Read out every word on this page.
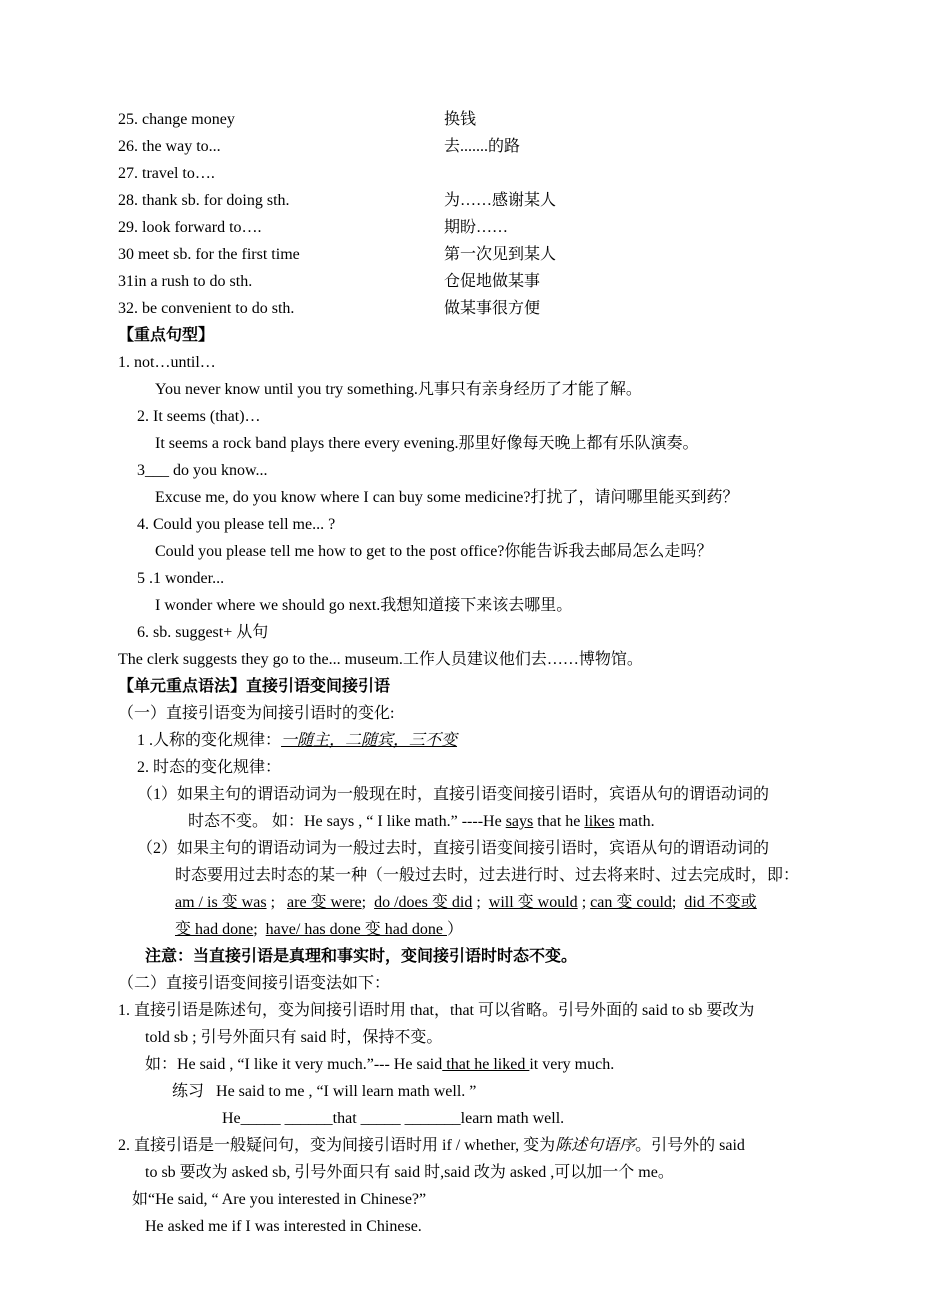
25. change money	换钱
26. the way to...	去.......的路
27. travel to….
28. thank sb. for doing sth.	为……感谢某人
29. look forward to….	期盼……
30 meet sb. for the first time	第一次见到某人
31in a rush to do sth.	仓促地做某事
32. be convenient to do sth.	做某事很方便
【重点句型】
1. not…until…
You never know until you try something.凡事只有亲身经历了才能了解。
2. It seems (that)…
It seems a rock band plays there every evening.那里好像每天晚上都有乐队演奏。
3___ do you know...
Excuse me, do you know where I can buy some medicine?打扰了，请问哪里能买到药？
4. Could you please tell me... ?
Could you please tell me how to get to the post office?你能告诉我去邮局怎么走吗？
5 .1 wonder...
I wonder where we should go next.我想知道接下来该去哪里。
6. sb. suggest+ 从句
The clerk suggests they go to the... museum.工作人员建议他们去……博物馆。
【单元重点语法】直接引语变间接引语
（一）直接引语变为间接引语时的变化:
1 .人称的变化规律：一随主，二随宾，三不变
2. 时态的变化规律：
（1）如果主句的谓语动词为一般现在时，直接引语变间接引语时，宾语从句的谓语动词的
时态不变。 如：He says , “ I like math.” ----He says that he likes math.
（2）如果主句的谓语动词为一般过去时，直接引语变间接引语时，宾语从句的谓语动词的
时态要用过去时态的某一种（一般过去时，过去进行时、过去将来时、过去完成时，即：
am / is 变 was ;   are 变 were;  do /does 变 did ;  will 变 would ; can 变 could;  did 不变或
变 had done;  have/ has done 变 had done ）
注意：当直接引语是真理和事实时，变间接引语时时态不变。
（二）直接引语变间接引语变法如下：
1. 直接引语是陈述句，变为间接引语时用 that，that 可以省略。引号外面的 said to sb 要改为
told sb ; 引号外面只有 said 时，保持不变。
如：He said , “I like it very much.”--- He said that he liked it very much.
练习 He said to me , “I will learn math well. ”
He_____ ______that _____ _______learn math well.
2. 直接引语是一般疑问句，变为间接引语时用 if / whether, 变为陈述句语序。引号外的 said
to sb 要改为 asked sb, 引号外面只有 said 时,said 改为 asked ,可以加一个 me。
如“He said, “ Are you interested in Chinese?”
He asked me if I was interested in Chinese.
